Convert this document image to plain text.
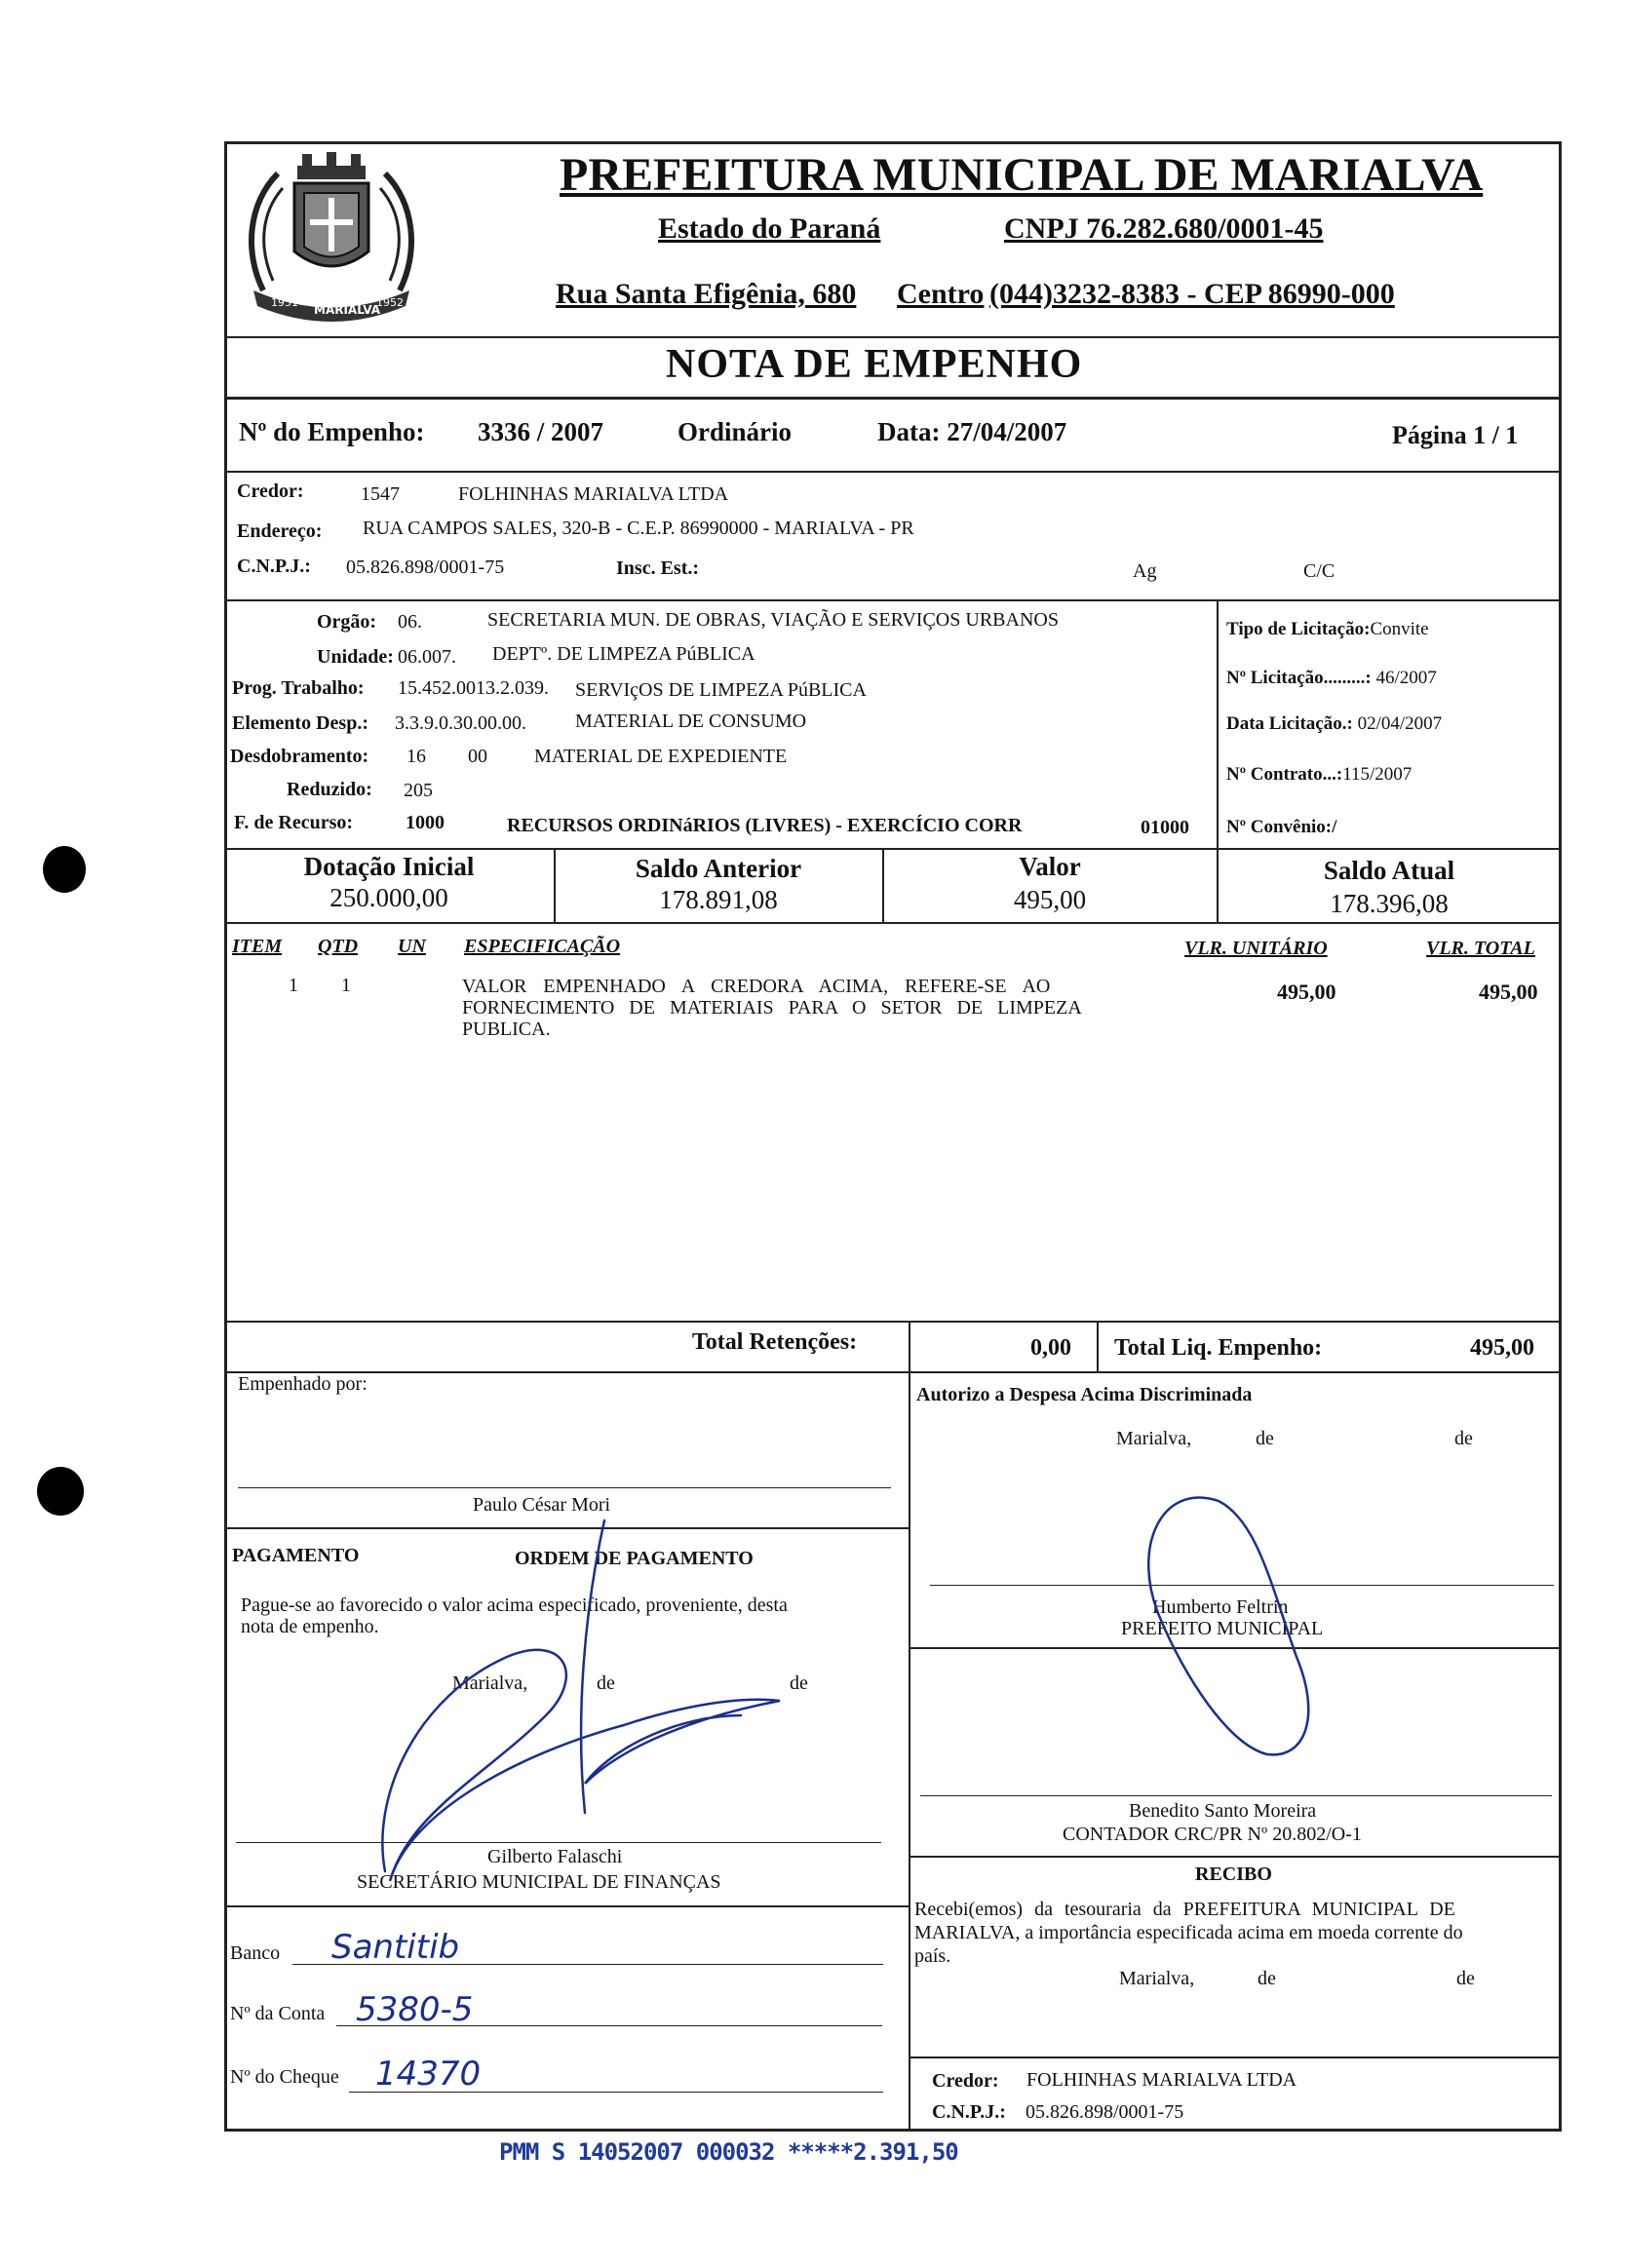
1951
MARIALVA
1952
PREFEITURA MUNICIPAL DE MARIALVA
Estado do Paraná	CNPJ 76.282.680/0001-45
Rua Santa Efigênia, 680 Centro (044)3232-8383 - CEP 86990-000
NOTA DE EMPENHO
Nº do Empenho: 3336 / 2007	Ordinário	Data: 27/04/2007	Página 1 / 1
Credor:	1547	FOLHINHAS MARIALVA LTDA
Endereço: RUA CAMPOS SALES, 320-B - C.E.P. 86990000 - MARIALVA - PR
C.N.P.J.: 05.826.898/0001-75	Insc. Est.:	Ag	C/C
Orgão: 06.	SECRETARIA MUN. DE OBRAS, VIAÇÃO E SERVIÇOS URBANOS
Unidade: 06.007. DEPTº. DE LIMPEZA PúBLICA
Prog. Trabalho: 15.452.0013.2.039. SERVIçOS DE LIMPEZA PúBLICA
Elemento Desp.: 3.3.9.0.30.00.00.	MATERIAL DE CONSUMO
Desdobramento: 16 00 MATERIAL DE EXPEDIENTE
Reduzido: 205
F. de Recurso:	1000	RECURSOS ORDINáRIOS (LIVRES) - EXERCÍCIO CORR	01000
Tipo de Licitação:Convite
Nº Licitação.........: 46/2007
Data Licitação.: 02/04/2007
Nº Contrato...:115/2007
Nº Convênio:/
Dotação Inicial
250.000,00
Saldo Anterior
178.891,08
Valor
495,00
Saldo Atual
178.396,08
ITEM QTD UN ESPECIFICAÇÃO	VLR. UNITÁRIO	VLR. TOTAL
1 1	VALOR EMPENHADO A CREDORA ACIMA, REFERE-SE AO
FORNECIMENTO DE MATERIAIS PARA O SETOR DE LIMPEZA
PUBLICA.
495,00	495,00
Total Retenções:	0,00 Total Liq. Empenho:	495,00
Empenhado por:
Paulo César Mori
PAGAMENTO	ORDEM DE PAGAMENTO
Pague-se ao favorecido o valor acima especificado, proveniente, desta
nota de empenho.
Marialva,	de	de
Gilberto Falaschi
SECRETÁRIO MUNICIPAL DE FINANÇAS
Banco Santitib
Nº da Conta 5380-5
Nº do Cheque 14370
Autorizo a Despesa Acima Discriminada
Marialva,	de	de
Humberto Feltrin
PREFEITO MUNICIPAL
Benedito Santo Moreira
CONTADOR CRC/PR Nº 20.802/O-1
RECIBO
Recebi(emos) da tesouraria da PREFEITURA MUNICIPAL DE
MARIALVA, a importância especificada acima em moeda corrente do
país.
Marialva,	de	de
Credor: FOLHINHAS MARIALVA LTDA
C.N.P.J.: 05.826.898/0001-75
PMM S 14052007 000032 *****2.391,50
